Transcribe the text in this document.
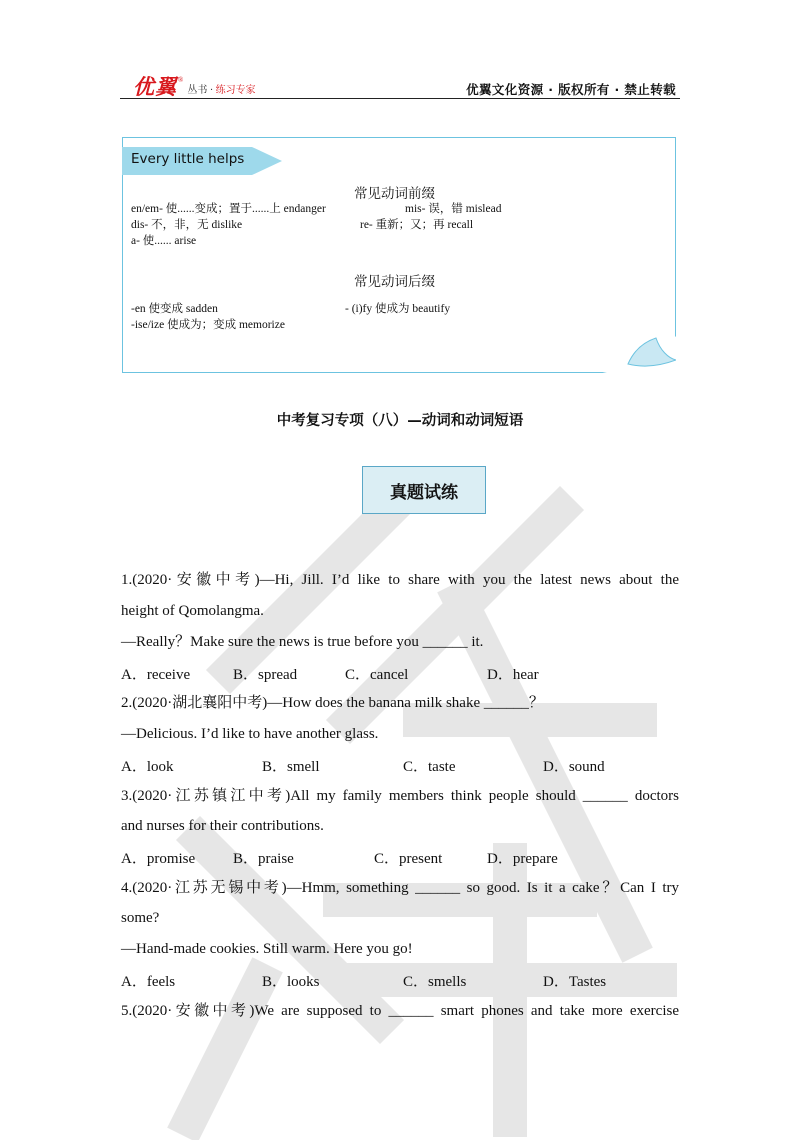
优翼 ®
丛书 · 练习专家	优翼文化资源 · 版权所有 · 禁止转载
Every little helps
常见动词前缀
en/em- 使......变成；置于......上 endanger	mis- 误，错 mislead
dis- 不，非，无 dislike	re- 重新；又；再 recall
a- 使...... arise
常见动词后缀
-en 使变成 sadden	- (i)fy 使成为 beautify
-ise/ize 使成为；变成 memorize
中考复习专项（八）—动词和动词短语
真题试练
1.(2020·安徽中考)—Hi, Jill. I’d like to share with you the latest news about the
height of Qomolangma.
—Really？Make sure the news is true before you ______ it.
A．receive	B．spread	C．cancel	D．hear
2.(2020·湖北襄阳中考)—How does the banana milk shake ______？
—Delicious. I’d like to have another glass.
A．look	B．smell	C．taste	D．sound
3.(2020·江苏镇江中考)All my family members think people should ______ doctors
and nurses for their contributions.
A．promise	B．praise	C．present	D．prepare
4.(2020·江苏无锡中考)—Hmm, something ______ so good. Is it a cake？Can I try
some?
—Hand-made cookies. Still warm. Here you go!
A．feels	B．looks	C．smells	D．Tastes
5.(2020·安徽中考)We are supposed to ______ smart phones and take more exercise
